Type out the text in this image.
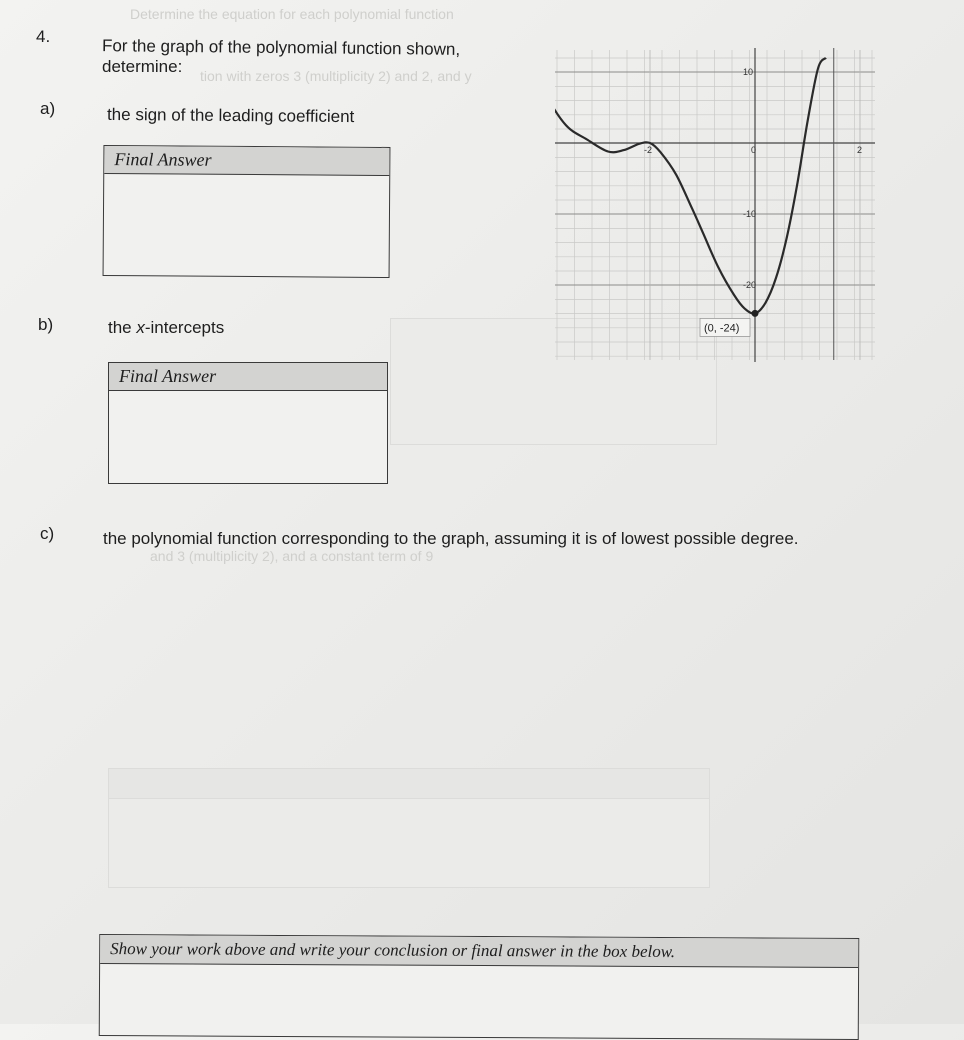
Determine the equation for each polynomial function
tion with zeros 3 (multiplicity 2) and 2, and y
and 3 (multiplicity 2), and a constant term of 9
4.	For the graph of the polynomial function shown,
determine:
a)	the sign of the leading coefficient
Final Answer
b)	the x-intercepts
Final Answer
c)	the polynomial function corresponding to the graph, assuming it is of lowest possible degree.
Show your work above and write your conclusion or final answer in the box below.
-2	0	2
10
-10
-20
(0, -24)
